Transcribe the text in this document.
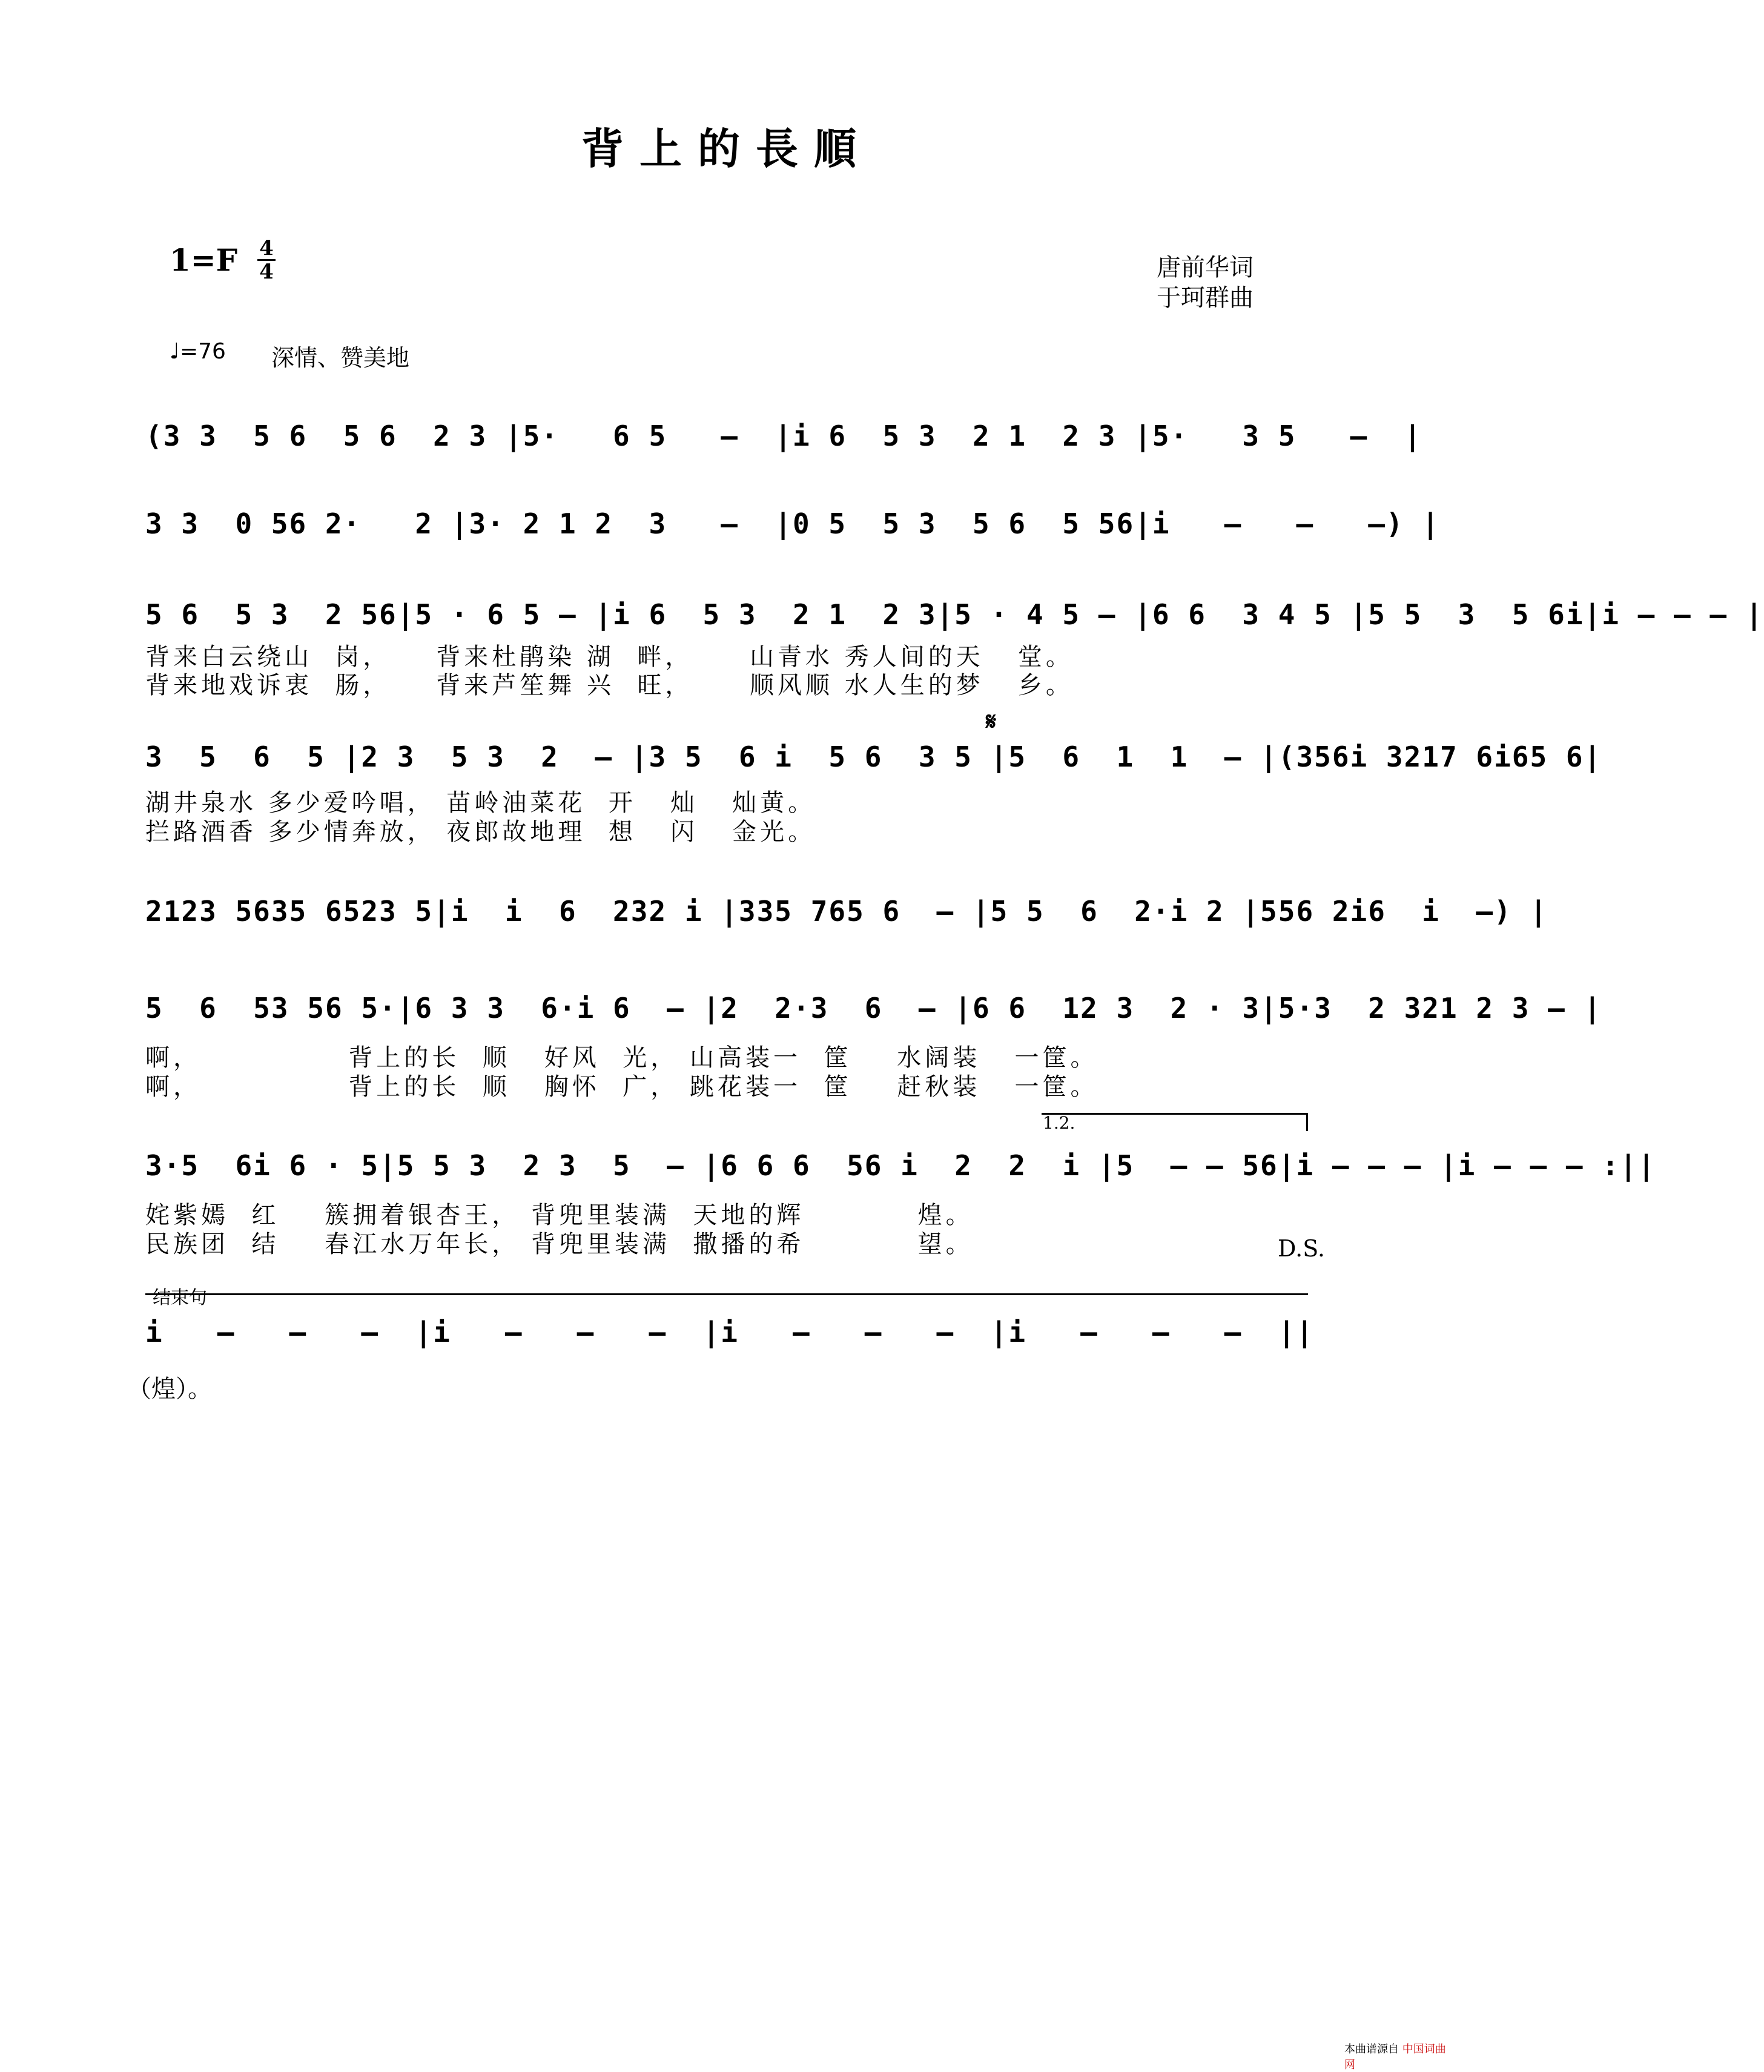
背上的長順
1=F 4
4	唐前华词
于珂群曲
♩=76 深情、赞美地
(3 3  5 6  5 6  2 3 |5·   6 5   –  |i 6  5 3  2 1  2 3 |5·   3 5   –  |
3 3  0 56 2·   2 |3· 2 1 2  3   –  |0 5  5 3  5 6  5 56|i   –   –   –) |
5 6  5 3  2 56|5 · 6 5 – |i 6  5 3  2 1  2 3|5 · 4 5 – |6 6  3 4 5 |5 5  3  5 6i|i – – – |
背来白云绕山  岗，    背来杜鹃染 湖  畔，     山青水 秀人间的天   堂。
背来地戏诉衷  肠，    背来芦笙舞 兴  旺，     顺风顺 水人生的梦   乡。
𝄋
3  5  6  5 |2 3  5 3  2  – |3 5  6 i  5 6  3 5 |5  6  1  1  – |(356i 3217 6i65 6|
湖井泉水 多少爱吟唱， 苗岭油菜花  开   灿   灿黄。
拦路酒香 多少情奔放， 夜郎故地理  想   闪   金光。
2123 5635 6523 5|i  i  6  232 i |335 765 6  – |5 5  6  2·i 2 |556 2i6  i  –) |
5  6  53 56 5·|6 3 3  6·i 6  – |2  2·3  6  – |6 6  12 3  2 · 3|5·3  2 321 2 3 – |
啊，             背上的长  顺   好风  光， 山高装一  筐    水阔装   一筐。
啊，             背上的长  顺   胸怀  广， 跳花装一  筐    赶秋装   一筐。
1.2.
3·5  6i 6 · 5|5 5 3  2 3  5  – |6 6 6  56 i  2  2  i |5  – – 56|i – – – |i – – – :||
姹紫嫣  红    簇拥着银杏王， 背兜里装满  天地的辉          煌。
民族团  结    春江水万年长， 背兜里装满  撒播的希          望。	D.S.
结束句
i   –   –   –  |i   –   –   –  |i   –   –   –  |i   –   –   –  ||
（煌）。
本曲谱源自 中国词曲网
